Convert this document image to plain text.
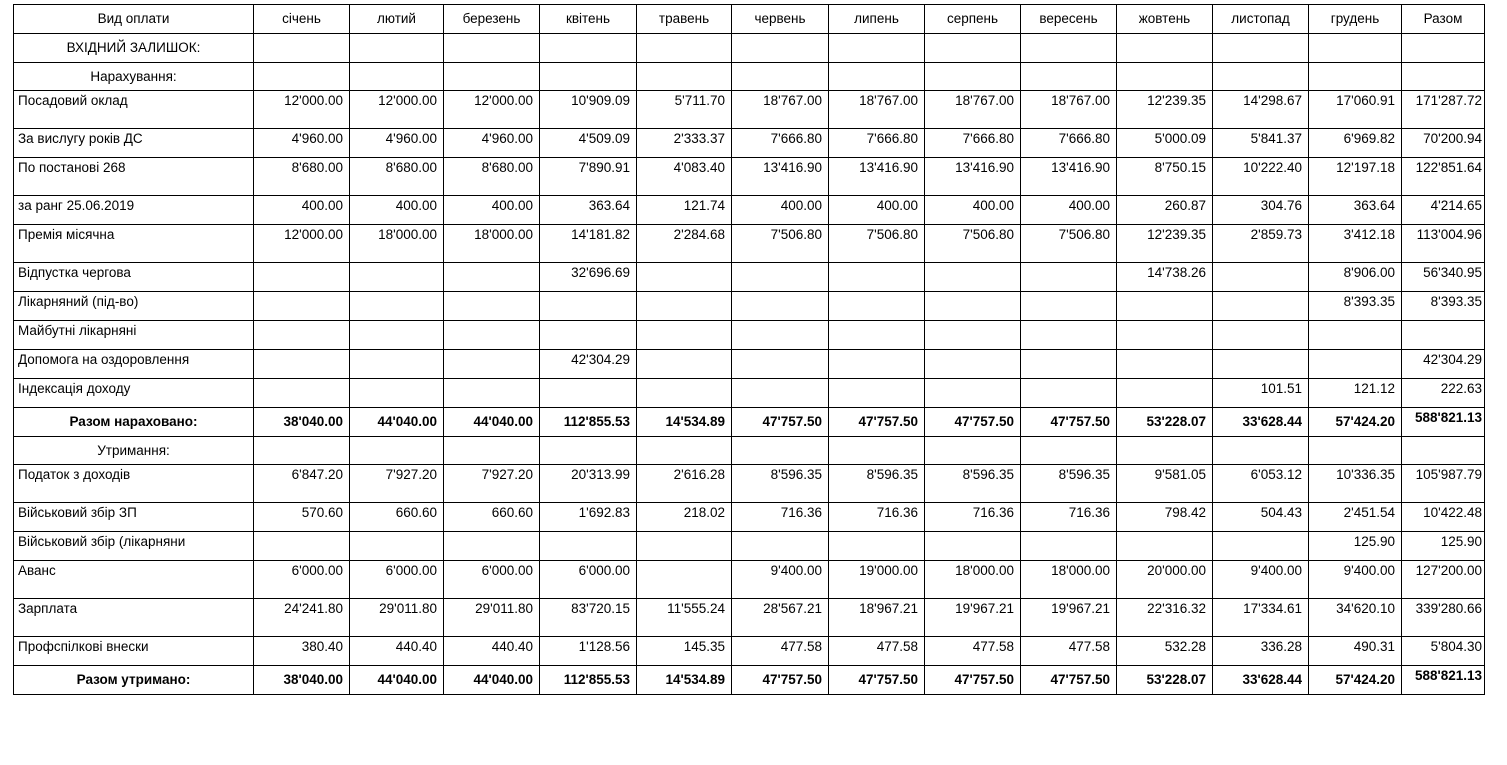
Вид оплати	січень	лютий	березень	квітень	травень	червень	липень	серпень	вересень	жовтень	листопад	грудень	Разом
ВХІДНИЙ ЗАЛИШОК:													
Нарахування:													
Посадовий оклад	12'000.00	12'000.00	12'000.00	10'909.09	5'711.70	18'767.00	18'767.00	18'767.00	18'767.00	12'239.35	14'298.67	17'060.91	171'287.72
За вислугу років ДС	4'960.00	4'960.00	4'960.00	4'509.09	2'333.37	7'666.80	7'666.80	7'666.80	7'666.80	5'000.09	5'841.37	6'969.82	70'200.94
По постанові 268	8'680.00	8'680.00	8'680.00	7'890.91	4'083.40	13'416.90	13'416.90	13'416.90	13'416.90	8'750.15	10'222.40	12'197.18	122'851.64
за ранг 25.06.2019	400.00	400.00	400.00	363.64	121.74	400.00	400.00	400.00	400.00	260.87	304.76	363.64	4'214.65
Премія місячна	12'000.00	18'000.00	18'000.00	14'181.82	2'284.68	7'506.80	7'506.80	7'506.80	7'506.80	12'239.35	2'859.73	3'412.18	113'004.96
Відпустка чергова				32'696.69						14'738.26		8'906.00	56'340.95
Лікарняний (під-во)												8'393.35	8'393.35
Майбутні лікарняні													
Допомога на оздоровлення				42'304.29									42'304.29
Індексація доходу											101.51	121.12	222.63
Разом нараховано:	38'040.00	44'040.00	44'040.00	112'855.53	14'534.89	47'757.50	47'757.50	47'757.50	47'757.50	53'228.07	33'628.44	57'424.20	588'821.13
Утримання:													
Податок з доходів	6'847.20	7'927.20	7'927.20	20'313.99	2'616.28	8'596.35	8'596.35	8'596.35	8'596.35	9'581.05	6'053.12	10'336.35	105'987.79
Військовий збір ЗП	570.60	660.60	660.60	1'692.83	218.02	716.36	716.36	716.36	716.36	798.42	504.43	2'451.54	10'422.48
Військовий збір (лікарняни												125.90	125.90
Аванс	6'000.00	6'000.00	6'000.00	6'000.00		9'400.00	19'000.00	18'000.00	18'000.00	20'000.00	9'400.00	9'400.00	127'200.00
Зарплата	24'241.80	29'011.80	29'011.80	83'720.15	11'555.24	28'567.21	18'967.21	19'967.21	19'967.21	22'316.32	17'334.61	34'620.10	339'280.66
Профспілкові внески	380.40	440.40	440.40	1'128.56	145.35	477.58	477.58	477.58	477.58	532.28	336.28	490.31	5'804.30
Разом утримано:	38'040.00	44'040.00	44'040.00	112'855.53	14'534.89	47'757.50	47'757.50	47'757.50	47'757.50	53'228.07	33'628.44	57'424.20	588'821.13
